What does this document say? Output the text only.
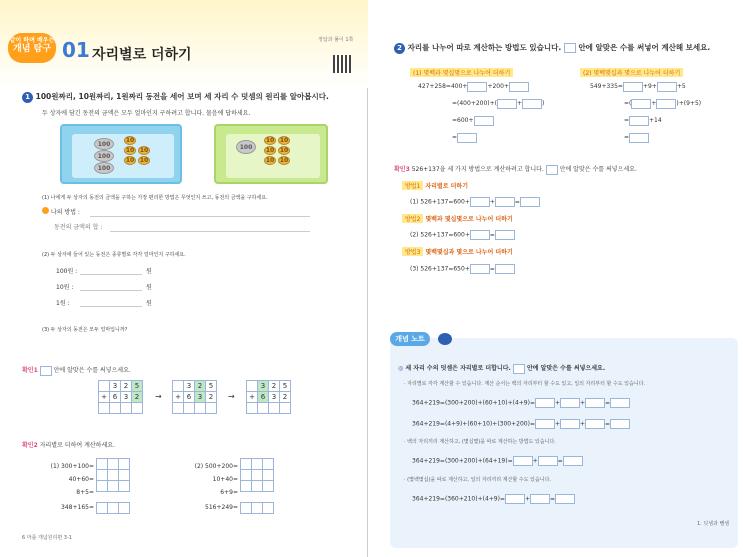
같이 하며 배우는
개념 탐구 01 자리별로 더하기
정답과 풀이 1쪽
1 100원짜리, 10원짜리, 1원짜리 동전을 세어 보며 세 자리 수 덧셈의 원리를 알아봅시다.
두 상자에 담긴 동전의 금액은 모두 얼마인지 구하려고 합니다. 물음에 답하세요.
100
100
100
10
10
10
10
10
100
10
10
10
10
10
10
(1) 나에게 두 상자의 동전의 금액을 구하는 가장 편리한 방법은 무엇인지 쓰고, 동전의 금액을 구하세요.
나의 방법 :
동전의 금액의 합 :
(2) 두 상자에 들어 있는 동전은 종류별로 각각 얼마인지 구하세요.
100원 :	원
10원 :	원
1원 :	원
(3) 두 상자의 동전은 모두 얼마입니까?
확인1	안에 알맞은 수를 써넣으세요.
	3	2	5
+	6	3	2
			→
	3	2	5
+	6	3	2
			→
	3	2	5
+	6	3	2

확인2 자리별로 더하여 계산하세요.
(1) 300+100=
40+60=
8+5=

348+165=

(2) 500+200=
10+40=
6+9=

516+249=

6 마플 개념원리편 3-1
2 자리를 나누어 따로 계산하는 방법도 있습니다. 안에 알맞은 수를 써넣어 계산해 보세요.
(1) 몇백과 몇십몇으로 나누어 더하기
427+258=400+	+200+
=(400+200)+(	+	)
=600+
=
(2) 몇백몇십과 몇으로 나누어 더하기
549+335=	+9+	+5
=(	+	)+(9+5)
=	+14
=
확인3 526+137을 세 가지 방법으로 계산하려고 합니다.	안에 알맞은 수를 써넣으세요.
방법1 자리별로 더하기
(1) 526+137=600+	+	=
방법2 몇백과 몇십몇으로 나누어 더하기
(2) 526+137=600+	=
방법3 몇백몇십과 몇으로 나누어 더하기
(3) 526+137=650+	=
개념 노트
◎ 세 자리 수의 덧셈은 자리별로 더합니다.	안에 알맞은 수를 써넣으세요.
· 자리별로 각각 계산할 수 있습니다. 계산 순서는 백의 자리부터 할 수도 있고, 일의 자리부터 할 수도 있습니다.
364+219=(300+200)+(60+10)+(4+9)=	+	+	=
364+219=(4+9)+(60+10)+(300+200)=	+	+	=
· 백의 자리끼리 계산하고, (몇십몇)을 따로 계산하는 방법도 있습니다.
364+219=(300+200)+(64+19)=	+	=
· (몇백몇십)을 따로 계산하고, 일의 자리끼리 계산할 수도 있습니다.
364+219=(360+210)+(4+9)=	+	=
1. 덧셈과 뺄셈
